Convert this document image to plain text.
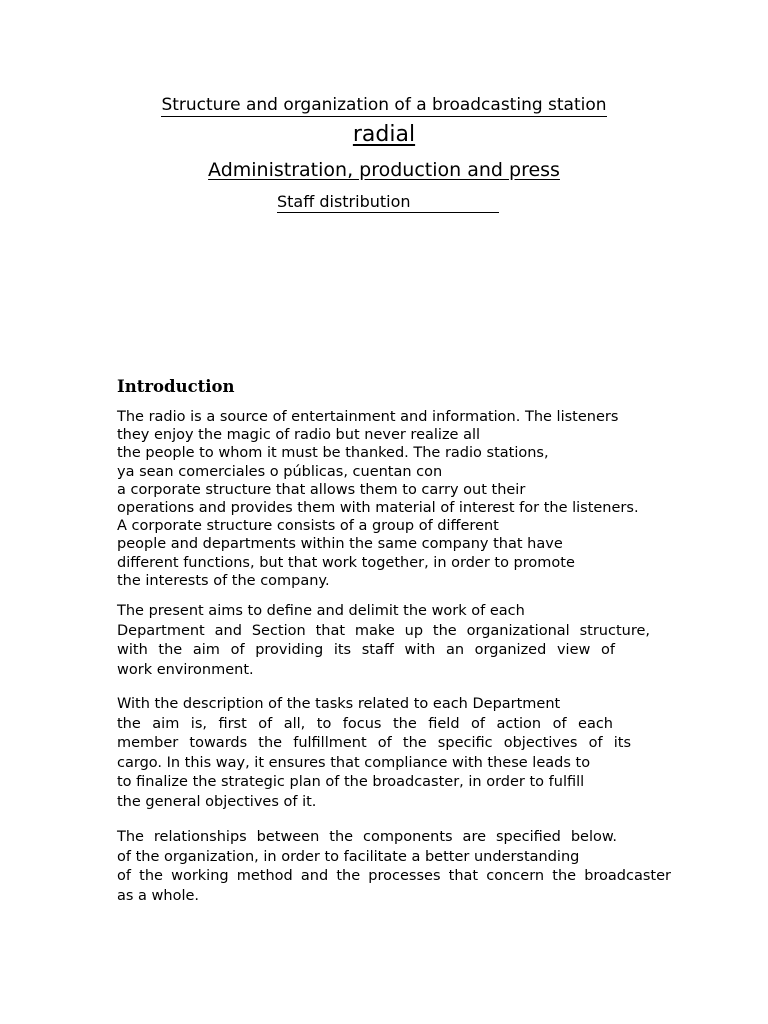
Structure and organization of a broadcasting station
radial
Administration, production and press
Staff distribution
Introduction
The radio is a source of entertainment and information. The listeners
they enjoy the magic of radio but never realize all
the people to whom it must be thanked. The radio stations,
ya sean comerciales o públicas, cuentan con
a corporate structure that allows them to carry out their
operations and provides them with material of interest for the listeners.
A corporate structure consists of a group of different
people and departments within the same company that have
different functions, but that work together, in order to promote
the interests of the company.
The present aims to define and delimit the work of each
Department and Section that make up the organizational structure,
with the aim of providing its staff with an organized view of
work environment.
With the description of the tasks related to each Department
the aim is, first of all, to focus the field of action of each
member towards the fulfillment of the specific objectives of its
cargo. In this way, it ensures that compliance with these leads to
to finalize the strategic plan of the broadcaster, in order to fulfill
the general objectives of it.
The relationships between the components are specified below.
of the organization, in order to facilitate a better understanding
of the working method and the processes that concern the broadcaster
as a whole.
